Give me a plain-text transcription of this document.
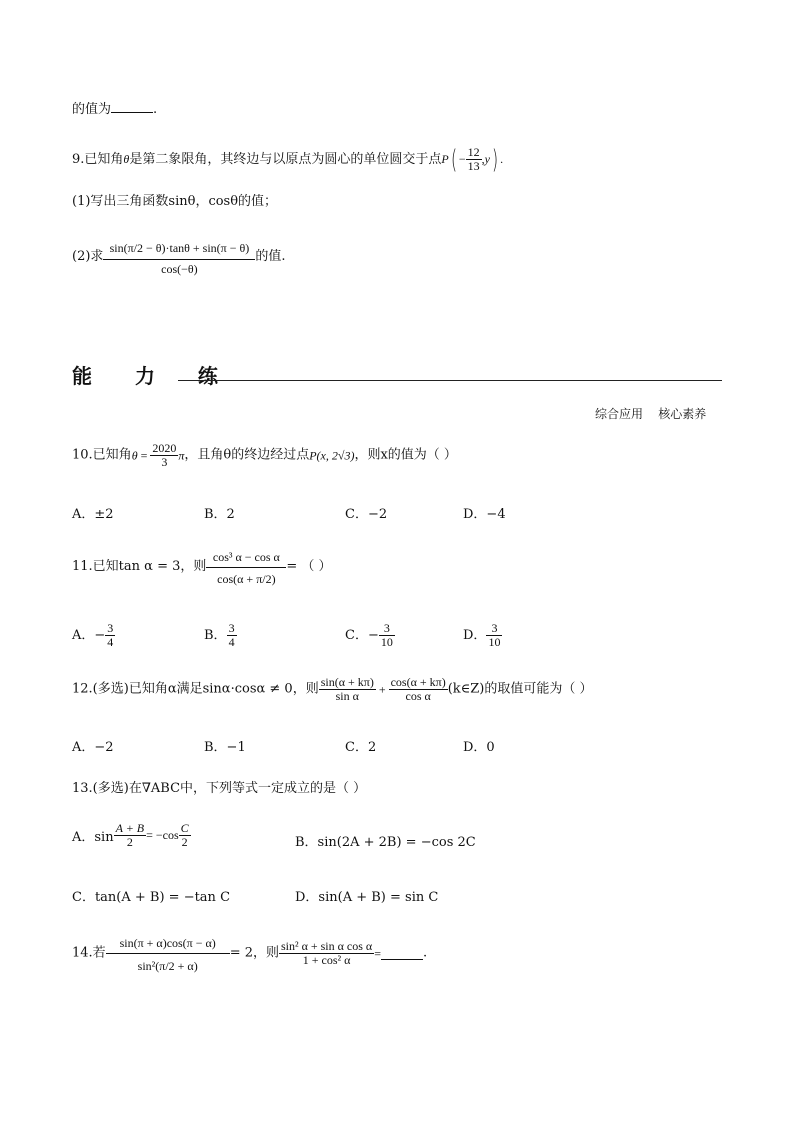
的值为	.
9.已知角θ是第二象限角，其终边与以原点为圆心的单位圆交于点$P( - \frac{12}{13} ,y)$ .
(1)写出三角函数sinθ，cosθ的值；
(2)求 $\frac{\sin(\pi/2 - \theta)\cdot\tan\theta + \sin(\pi - \theta)}{\cos(-\theta)}$ 的值.
能 力 练
综合应用    核心素养
10.已知角$\theta = \frac{2020}{3}$ π，且角θ的终边经过点P(x, 2√3)，则x的值为（ ）
A．±2	B．2	C．−2	D．−4
11.已知tan α = 3，则 $\frac{\text{cos³ α − cos α}}{\cos(\alpha + \pi/2)}$ = （ ）
A．− $\frac{3}{4}$	B． $\frac{3}{4}$	C．− $\frac{3}{10}$	D． $\frac{3}{10}$
12.(多选)已知角α满足sinα·cosα ≠ 0，则 $\frac{\sin(\alpha + k\pi)}{\text{sin α}} + \frac{\cos(\alpha + k\pi)}{\text{cos α}}$ (k∈Z)的取值可能为（ ）
A．−2	B．−1	C．2	D．0
13.(多选)在∇ABC中，下列等式一定成立的是（ ）
A．$\sin \frac{A + B}{2} = -\cos \frac{C}{2}$	B．sin(2A + 2B) = −cos 2C
C．tan(A + B) = −tan C	D．sin(A + B) = sin C
14.若 $\frac{\sin(\pi + \alpha)\cos(\pi - \alpha)}{\text{sin²(π/2 + α)}} = 2$，则 $\frac{\text{sin² α + sin α cos α}}{\text{1 + cos² α}}$ =	.
